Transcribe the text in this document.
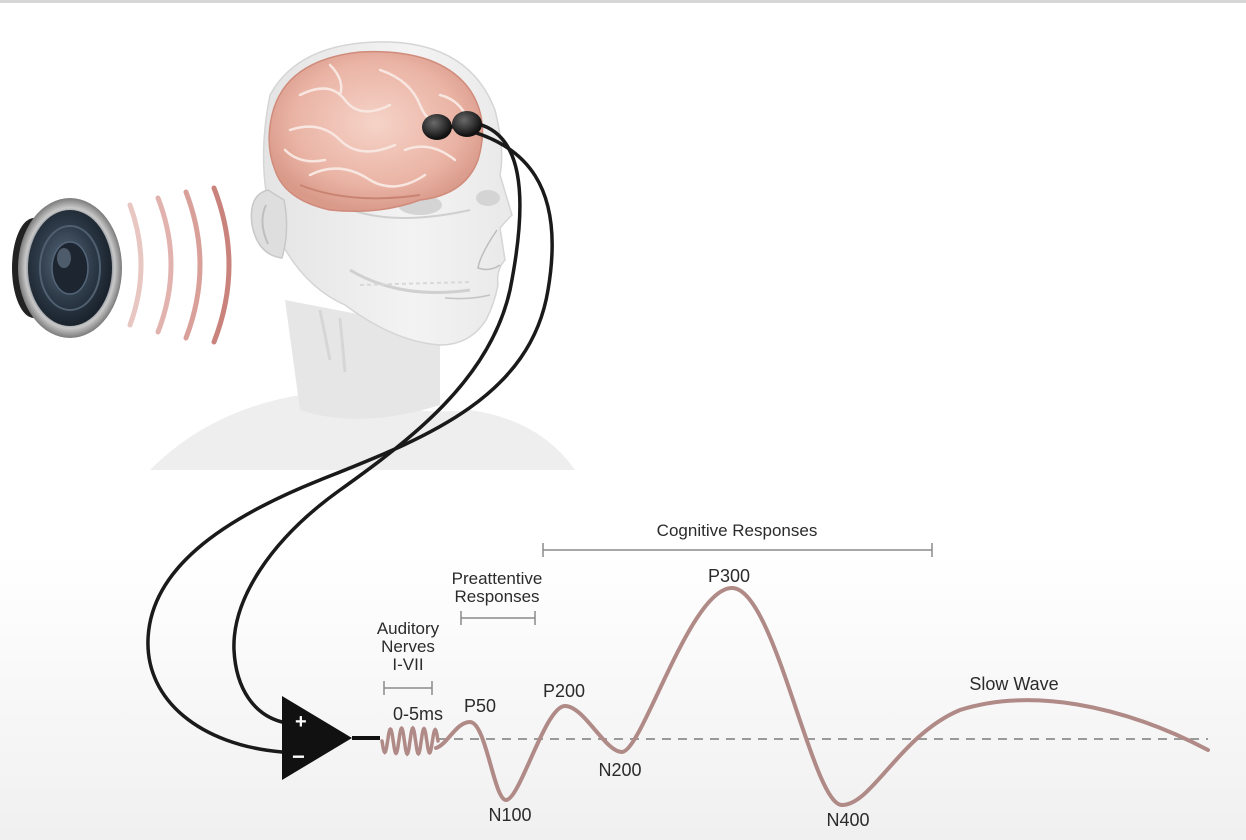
+
−
Auditory
Nerves
I-VII
Preattentive
Responses
Cognitive Responses
0-5ms P50
N100
P200
N200
P300
N400
Slow Wave
